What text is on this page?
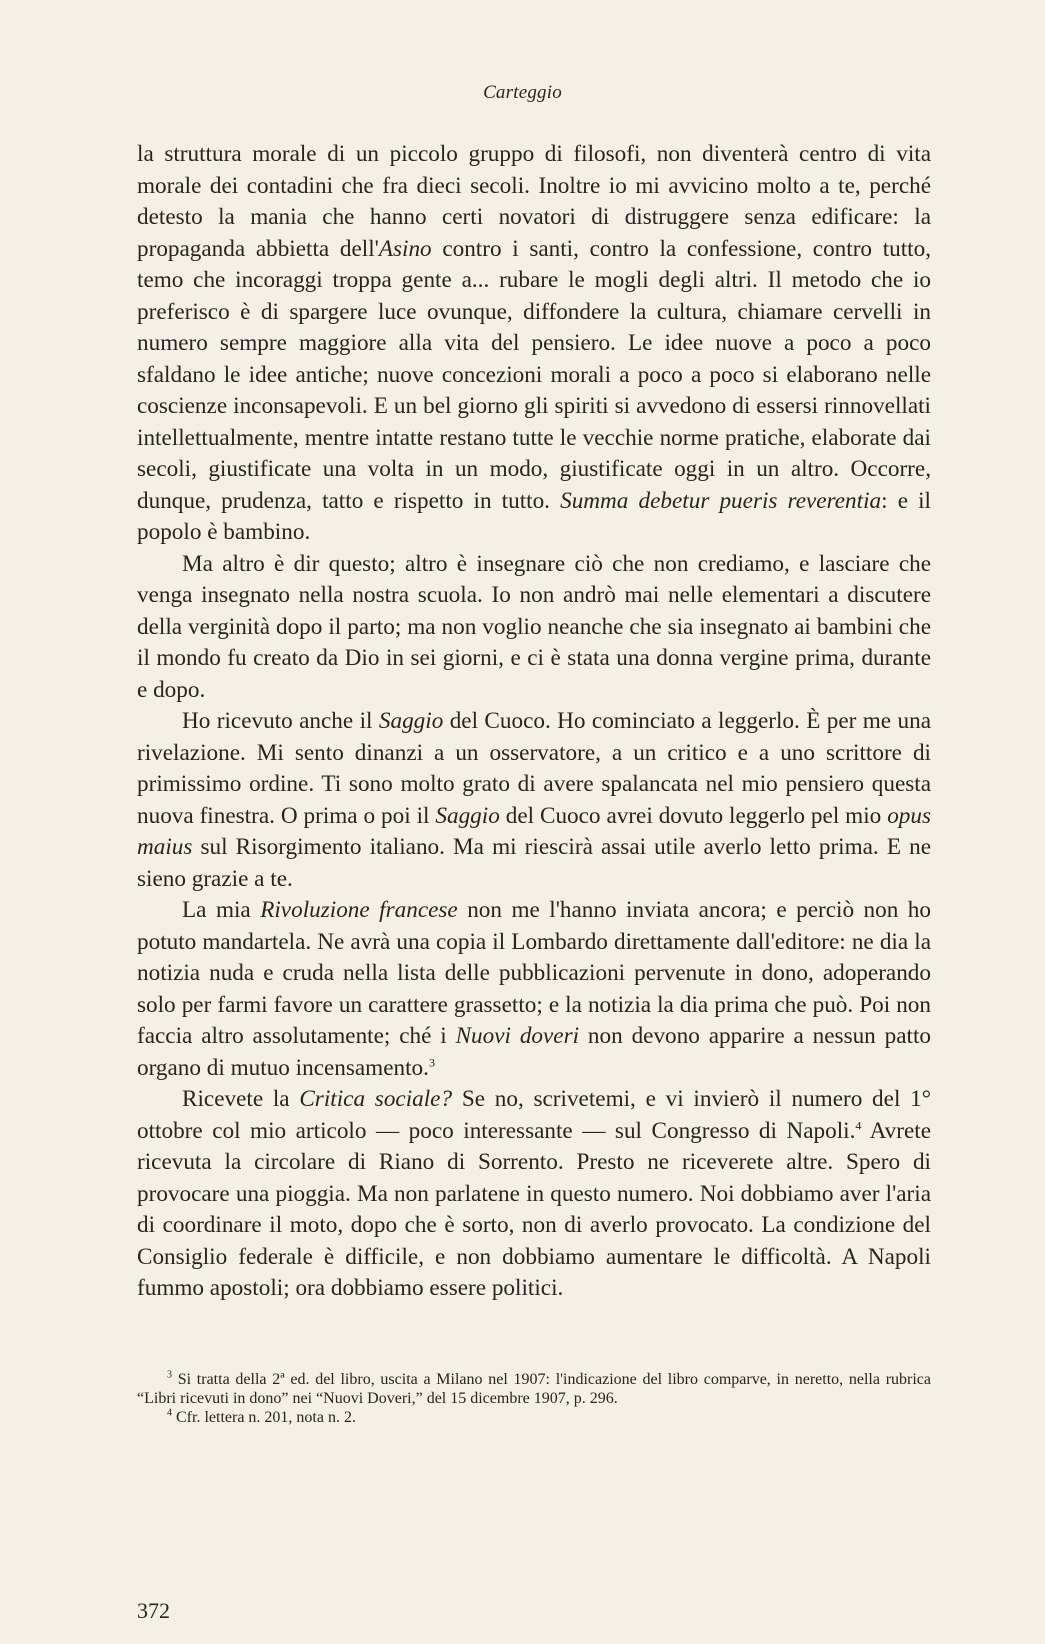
Carteggio

la struttura morale di un piccolo gruppo di filosofi, non diventerà centro di vita morale dei contadini che fra dieci secoli. Inoltre io mi avvicino molto a te, perché detesto la mania che hanno certi novatori di distruggere senza edificare: la propaganda abbietta dell'Asino contro i santi, contro la confessione, contro tutto, temo che incoraggi troppa gente a... rubare le mogli degli altri. Il metodo che io preferisco è di spargere luce ovunque, diffondere la cultura, chiamare cervelli in numero sempre maggiore alla vita del pensiero. Le idee nuove a poco a poco sfaldano le idee antiche; nuove concezioni morali a poco a poco si elaborano nelle coscienze inconsapevoli. E un bel giorno gli spiriti si avvedono di essersi rinnovellati intellettualmente, mentre intatte restano tutte le vecchie norme pratiche, elaborate dai secoli, giustificate una volta in un modo, giustificate oggi in un altro. Occorre, dunque, prudenza, tatto e rispetto in tutto. Summa debetur pueris reverentia: e il popolo è bambino.

Ma altro è dir questo; altro è insegnare ciò che non crediamo, e lasciare che venga insegnato nella nostra scuola. Io non andrò mai nelle elementari a discutere della verginità dopo il parto; ma non voglio neanche che sia insegnato ai bambini che il mondo fu creato da Dio in sei giorni, e ci è stata una donna vergine prima, durante e dopo.

Ho ricevuto anche il Saggio del Cuoco. Ho cominciato a leggerlo. È per me una rivelazione. Mi sento dinanzi a un osservatore, a un critico e a uno scrittore di primissimo ordine. Ti sono molto grato di avere spalancata nel mio pensiero questa nuova finestra. O prima o poi il Saggio del Cuoco avrei dovuto leggerlo pel mio opus maius sul Risorgimento italiano. Ma mi riescirà assai utile averlo letto prima. E ne sieno grazie a te.

La mia Rivoluzione francese non me l'hanno inviata ancora; e perciò non ho potuto mandartela. Ne avrà una copia il Lombardo direttamente dall'editore: ne dia la notizia nuda e cruda nella lista delle pubblicazioni pervenute in dono, adoperando solo per farmi favore un carattere grassetto; e la notizia la dia prima che può. Poi non faccia altro assolutamente; ché i Nuovi doveri non devono apparire a nessun patto organo di mutuo incensamento.$^3$

Ricevete la Critica sociale? Se no, scrivetemi, e vi invierò il numero del 1° ottobre col mio articolo — poco interessante — sul Congresso di Napoli.$^4$ Avrete ricevuta la circolare di Riano di Sorrento. Presto ne riceverete altre. Spero di provocare una pioggia. Ma non parlatene in questo numero. Noi dobbiamo aver l'aria di coordinare il moto, dopo che è sorto, non di averlo provocato. La condizione del Consiglio federale è difficile, e non dobbiamo aumentare le difficoltà. A Napoli fummo apostoli; ora dobbiamo essere politici.

$^3$ Si tratta della 2ª ed. del libro, uscita a Milano nel 1907: l'indicazione del libro comparve, in neretto, nella rubrica “Libri ricevuti in dono” nei “Nuovi Doveri,” del 15 dicembre 1907, p. 296.

$^4$ Cfr. lettera n. 201, nota n. 2.

372
